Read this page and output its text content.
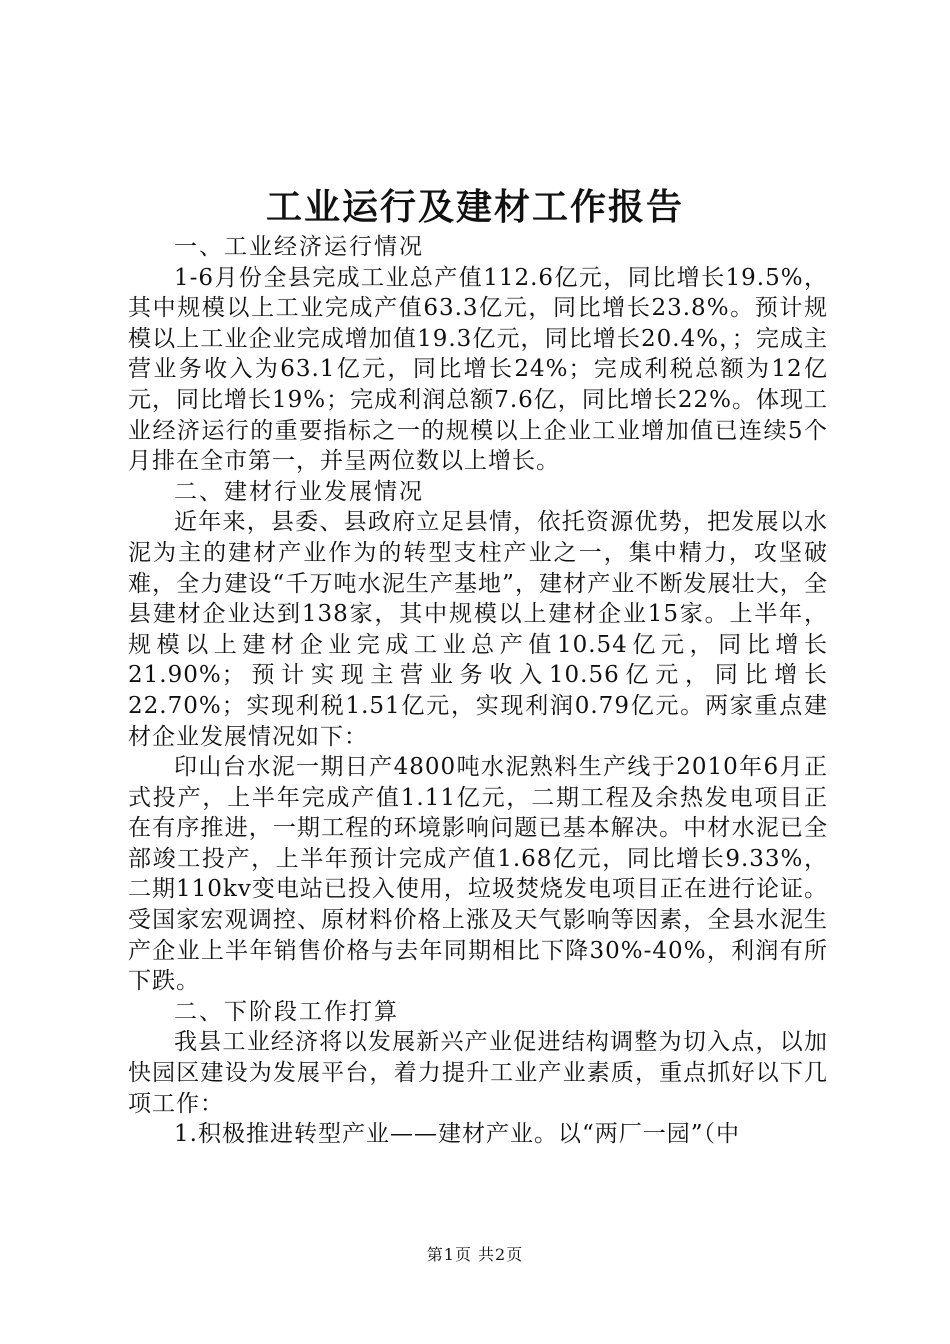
工业运行及建材工作报告

一、工业经济运行情况

1-6月份全县完成工业总产值112.6亿元，同比增长19.5%，其中规模以上工业完成产值63.3亿元，同比增长23.8%。预计规模以上工业企业完成增加值19.3亿元，同比增长20.4%，；完成主营业务收入为63.1亿元，同比增长24%；完成利税总额为12亿元，同比增长19%；完成利润总额7.6亿，同比增长22%。体现工业经济运行的重要指标之一的规模以上企业工业增加值已连续5个月排在全市第一，并呈两位数以上增长。

二、建材行业发展情况

近年来，县委、县政府立足县情，依托资源优势，把发展以水泥为主的建材产业作为的转型支柱产业之一，集中精力，攻坚破难，全力建设“千万吨水泥生产基地”，建材产业不断发展壮大，全县建材企业达到138家，其中规模以上建材企业15家。上半年，规模以上建材企业完成工业总产值10.54亿元，同比增长21.90%；预计实现主营业务收入10.56亿元，同比增长22.70%；实现利税1.51亿元，实现利润0.79亿元。两家重点建材企业发展情况如下：

印山台水泥一期日产4800吨水泥熟料生产线于2010年6月正式投产，上半年完成产值1.11亿元，二期工程及余热发电项目正在有序推进，一期工程的环境影响问题已基本解决。中材水泥已全部竣工投产，上半年预计完成产值1.68亿元，同比增长9.33%，二期110kv变电站已投入使用，垃圾焚烧发电项目正在进行论证。受国家宏观调控、原材料价格上涨及天气影响等因素，全县水泥生产企业上半年销售价格与去年同期相比下降30%-40%，利润有所下跌。

二、下阶段工作打算

我县工业经济将以发展新兴产业促进结构调整为切入点，以加快园区建设为发展平台，着力提升工业产业素质，重点抓好以下几项工作：

1.积极推进转型产业——建材产业。以“两厂一园”（中

第1页 共2页
